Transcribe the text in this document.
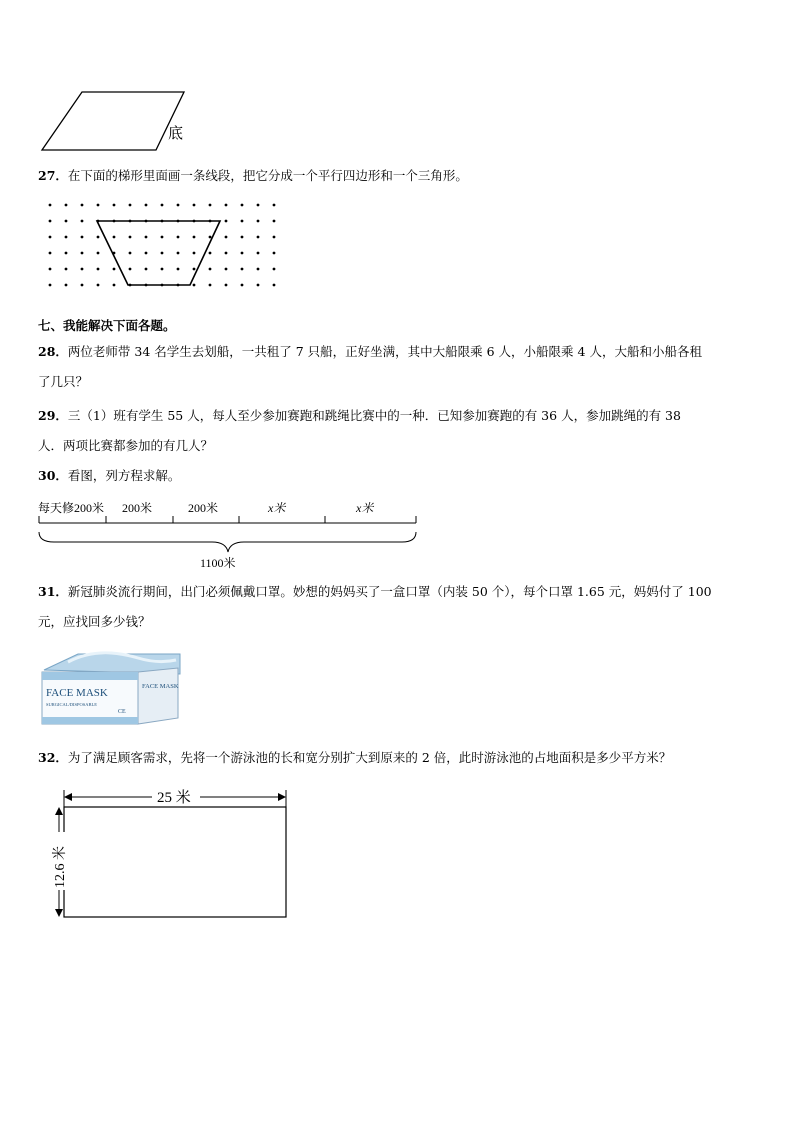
底
27．在下面的梯形里面画一条线段，把它分成一个平行四边形和一个三角形。
七、我能解决下面各题。
28．两位老师带 34 名学生去划船，一共租了 7 只船，正好坐满，其中大船限乘 6 人，小船限乘 4 人，大船和小船各租
了几只？
29．三（1）班有学生 55 人，每人至少参加赛跑和跳绳比赛中的一种．已知参加赛跑的有 36 人，参加跳绳的有 38
人．两项比赛都参加的有几人？
30．看图，列方程求解。
每天修200米 200米	200米	x米	x米
1100米
31．新冠肺炎流行期间，出门必须佩戴口罩。妙想的妈妈买了一盒口罩（内装 50 个），每个口罩 1.65 元，妈妈付了 100
元，应找回多少钱？
FACE MASK
SURGICAL/DISPOSABLE
FACE MASK
CE
32．为了满足顾客需求，先将一个游泳池的长和宽分别扩大到原来的 2 倍，此时游泳池的占地面积是多少平方米？
25 米
12.6 米
